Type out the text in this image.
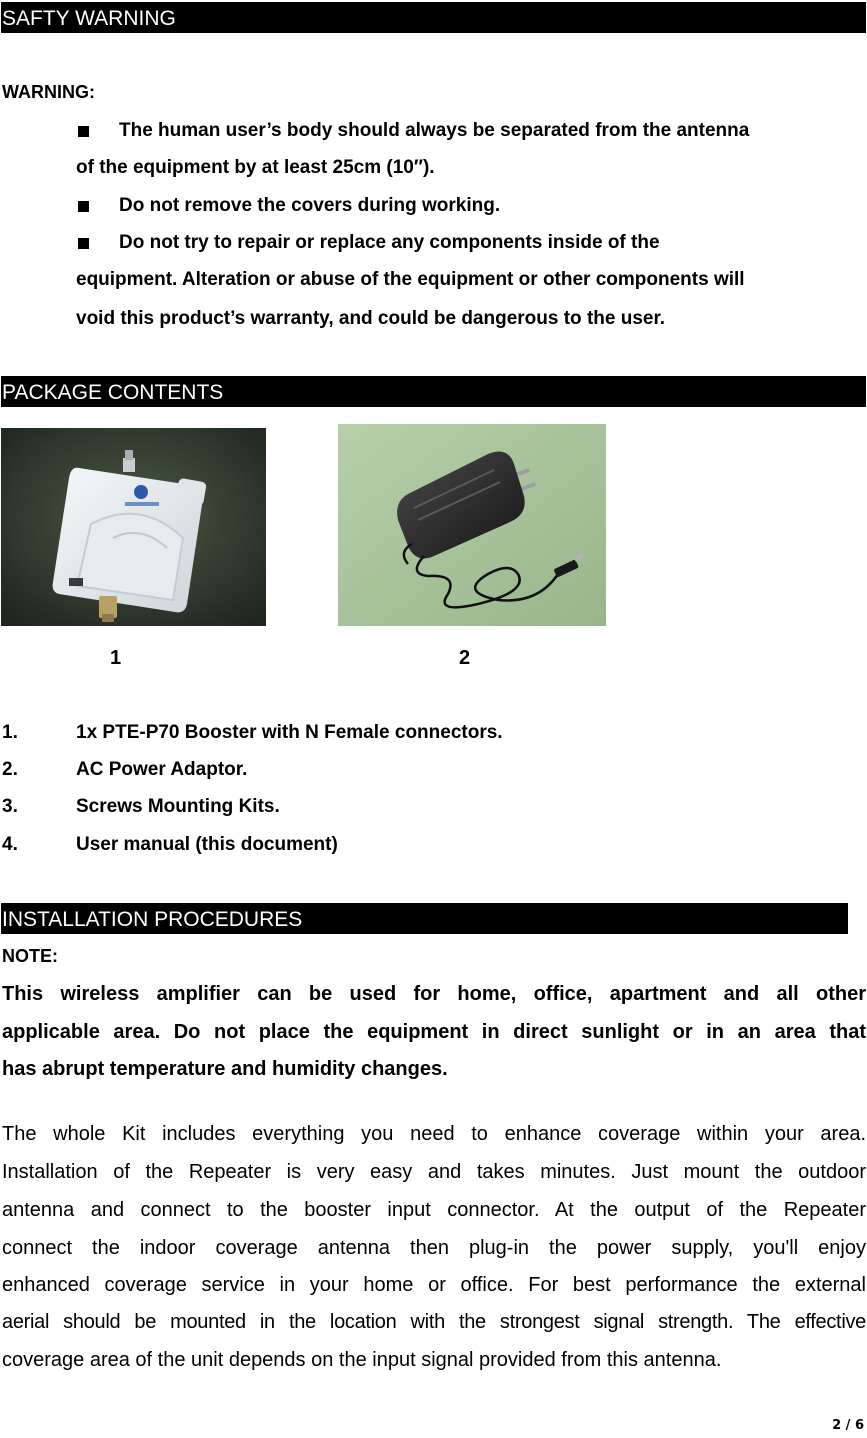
SAFTY WARNING
WARNING:
The human user’s body should always be separated from the antenna
of the equipment by at least 25cm (10″).
Do not remove the covers during working.
Do not try to repair or replace any components inside of the
equipment. Alteration or abuse of the equipment or other components will
void this product’s warranty, and could be dangerous to the user.
PACKAGE CONTENTS
1	2
1.	1x PTE-P70 Booster with N Female connectors.
2.	AC Power Adaptor.
3.	Screws Mounting Kits.
4.	User manual (this document)
INSTALLATION PROCEDURES
NOTE:
This wireless amplifier can be used for home, office, apartment and all other
applicable area. Do not place the equipment in direct sunlight or in an area that
has abrupt temperature and humidity changes.
The whole Kit includes everything you need to enhance coverage within your area.
Installation of the Repeater is very easy and takes minutes. Just mount the outdoor
antenna and connect to the booster input connector. At the output of the Repeater
connect the indoor coverage antenna then plug-in the power supply, you'll enjoy
enhanced coverage service in your home or office. For best performance the external
aerial should be mounted in the location with the strongest signal strength. The effective
coverage area of the unit depends on the input signal provided from this antenna.
2 / 6
